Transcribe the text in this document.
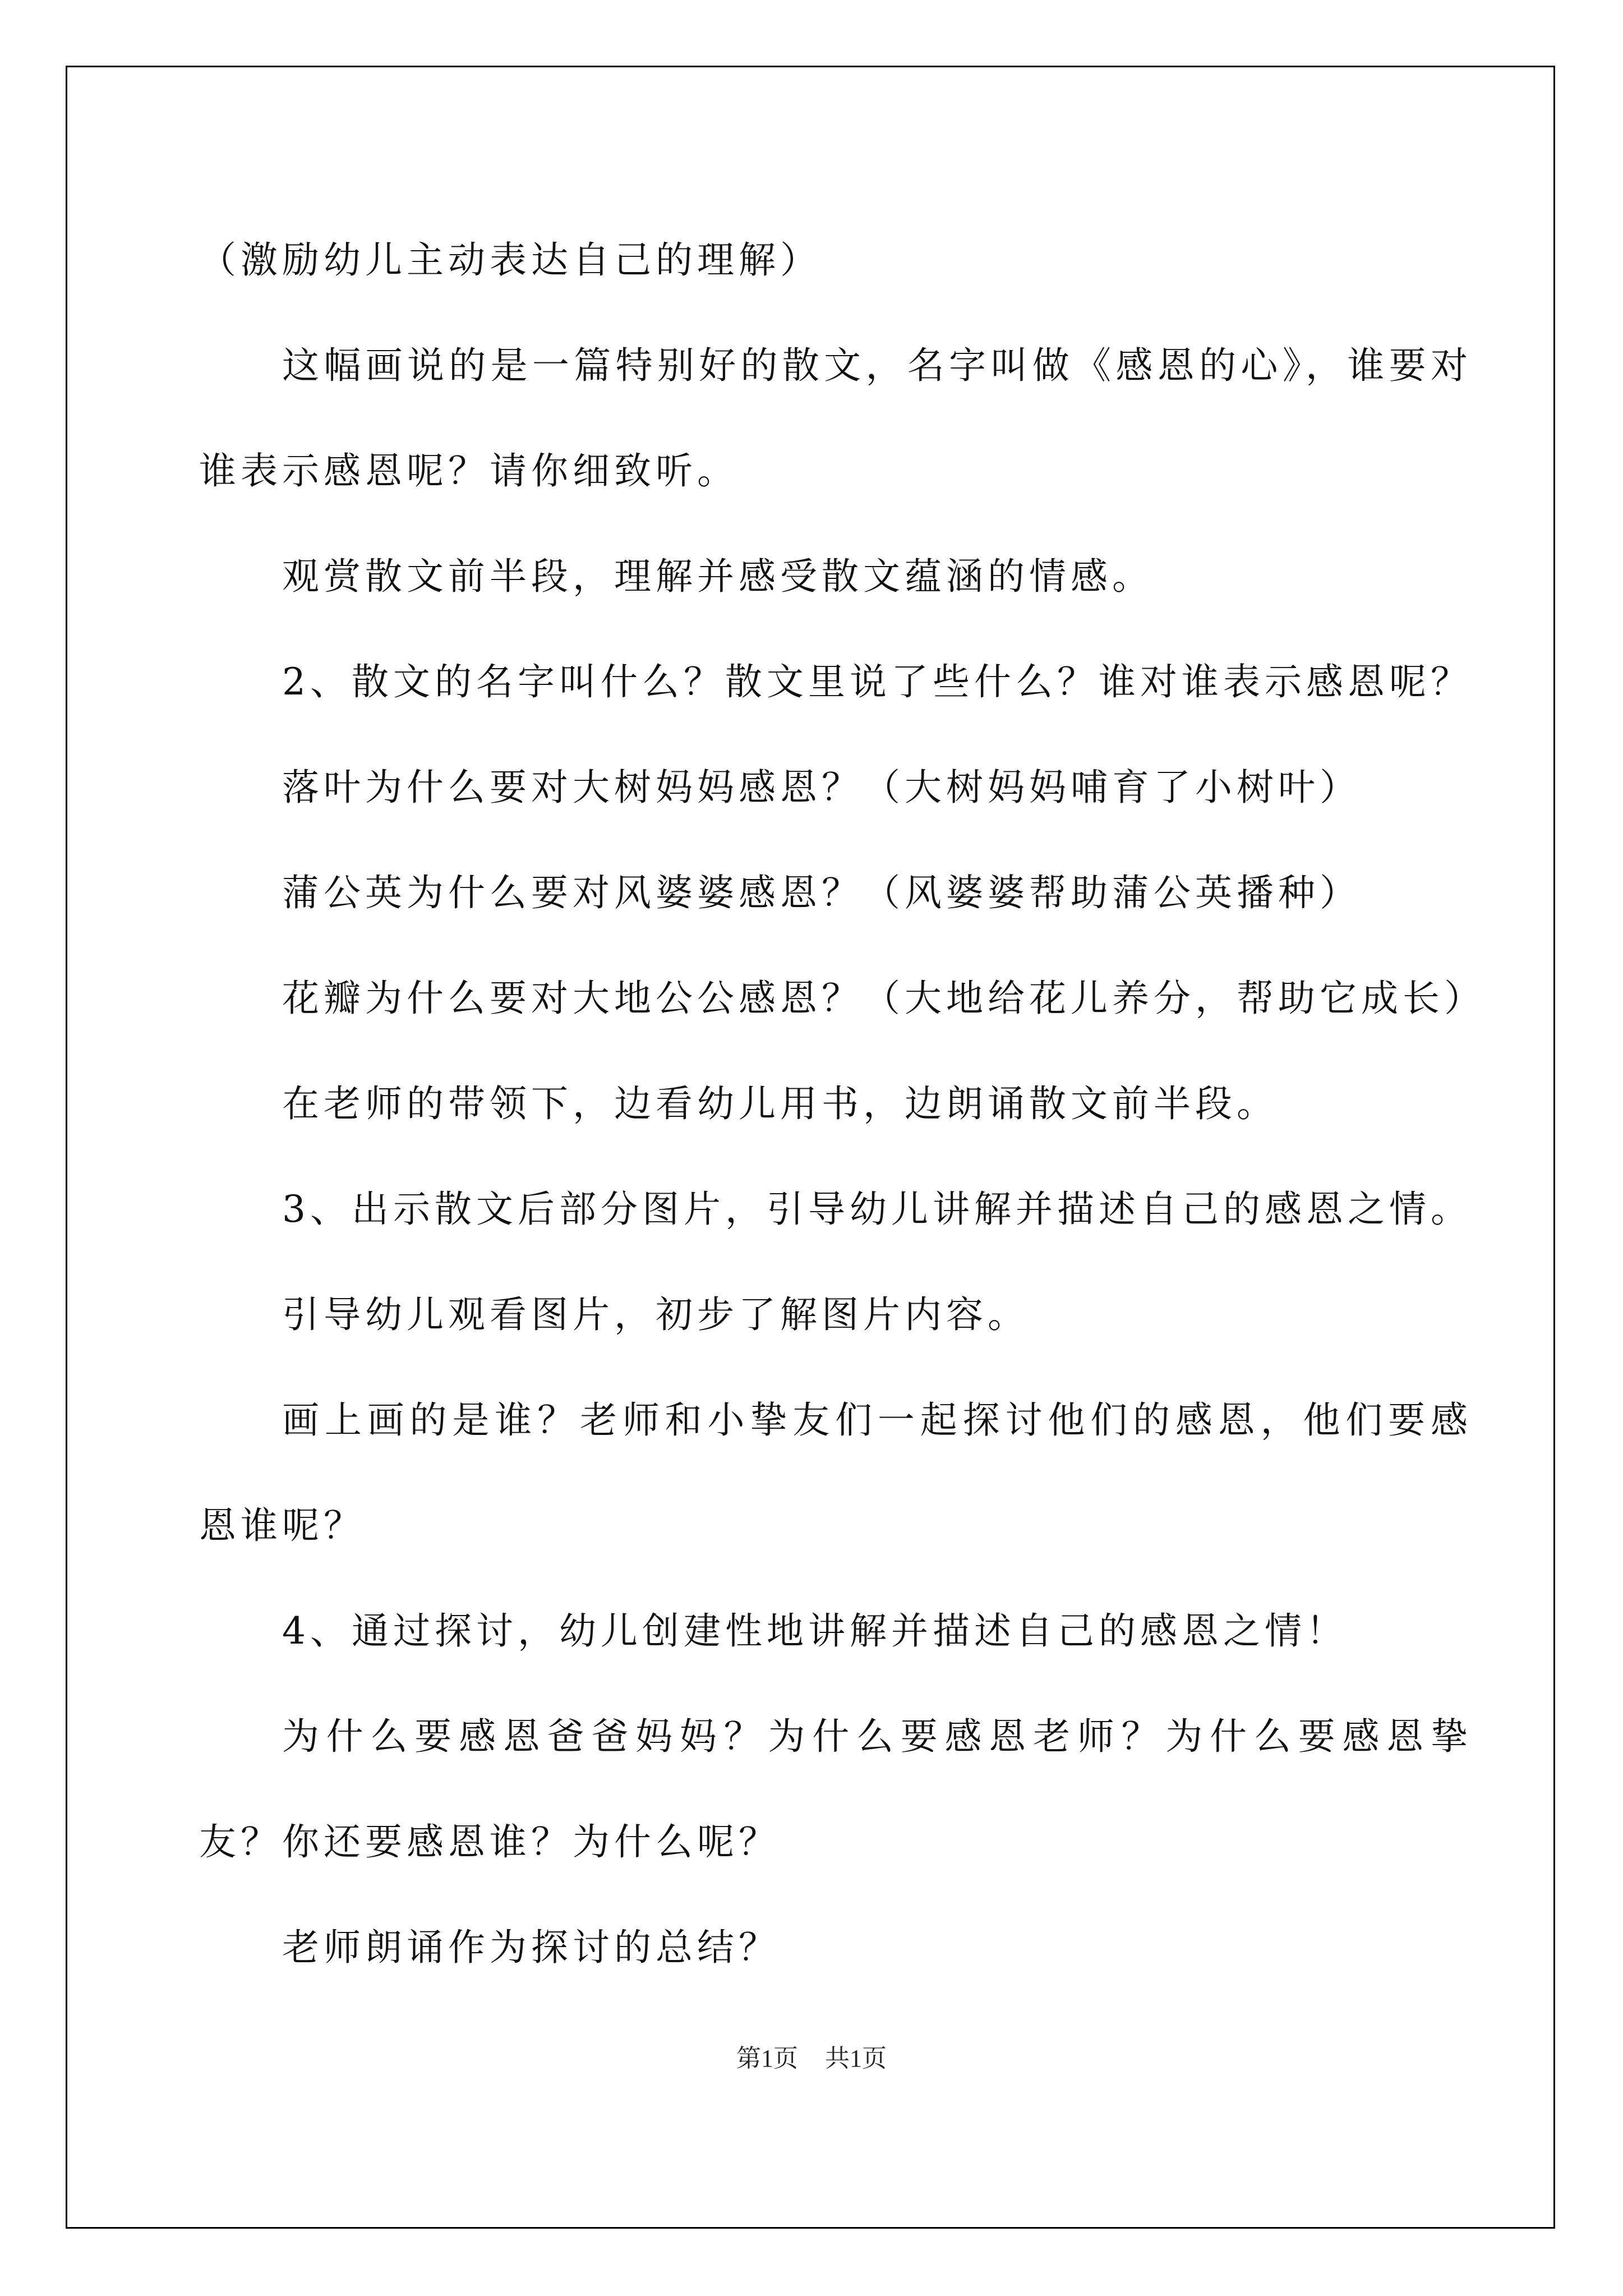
（激励幼儿主动表达自己的理解）

这幅画说的是一篇特别好的散文，名字叫做《感恩的心》，谁要对谁表示感恩呢？请你细致听。

观赏散文前半段，理解并感受散文蕴涵的情感。

2、散文的名字叫什么？散文里说了些什么？谁对谁表示感恩呢？

落叶为什么要对大树妈妈感恩？（大树妈妈哺育了小树叶）

蒲公英为什么要对风婆婆感恩？（风婆婆帮助蒲公英播种）

花瓣为什么要对大地公公感恩？（大地给花儿养分，帮助它成长）

在老师的带领下，边看幼儿用书，边朗诵散文前半段。

3、出示散文后部分图片，引导幼儿讲解并描述自己的感恩之情。

引导幼儿观看图片，初步了解图片内容。

画上画的是谁？老师和小挚友们一起探讨他们的感恩，他们要感恩谁呢？

4、通过探讨，幼儿创建性地讲解并描述自己的感恩之情！

为什么要感恩爸爸妈妈？为什么要感恩老师？为什么要感恩挚友？你还要感恩谁？为什么呢？

老师朗诵作为探讨的总结？

第1页 共1页
